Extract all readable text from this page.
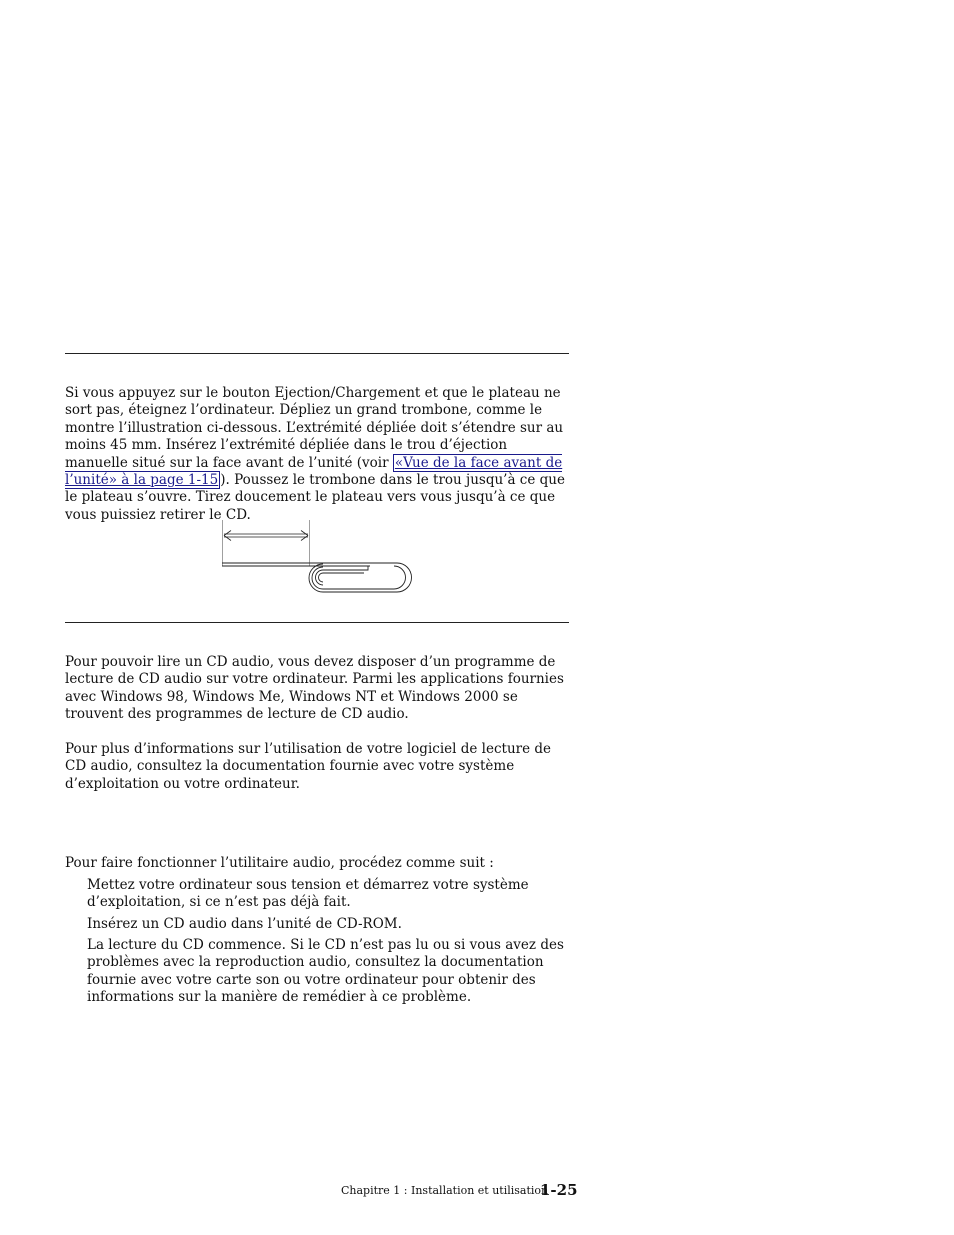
Si vous appuyez sur le bouton Ejection/Chargement et que le plateau ne sort pas, éteignez l’ordinateur. Dépliez un grand trombone, comme le montre l’illustration ci-dessous. L’extrémité dépliée doit s’étendre sur au moins 45 mm. Insérez l’extrémité dépliée dans le trou d’éjection manuelle situé sur la face avant de l’unité (voir «Vue de la face avant de l’unité» à la page 1-15 ). Poussez le trombone dans le trou jusqu’à ce que le plateau s’ouvre. Tirez doucement le plateau vers vous jusqu’à ce que vous puissiez retirer le CD.

Pour pouvoir lire un CD audio, vous devez disposer d’un programme de lecture de CD audio sur votre ordinateur. Parmi les applications fournies avec Windows 98, Windows Me, Windows NT et Windows 2000 se trouvent des programmes de lecture de CD audio.

Pour plus d’informations sur l’utilisation de votre logiciel de lecture de CD audio, consultez la documentation fournie avec votre système d’exploitation ou votre ordinateur.

Pour faire fonctionner l’utilitaire audio, procédez comme suit :

Mettez votre ordinateur sous tension et démarrez votre système d’exploitation, si ce n’est pas déjà fait.

Insérez un CD audio dans l’unité de CD-ROM.

La lecture du CD commence. Si le CD n’est pas lu ou si vous avez des problèmes avec la reproduction audio, consultez la documentation fournie avec votre carte son ou votre ordinateur pour obtenir des informations sur la manière de remédier à ce problème.

Chapitre 1 : Installation et utilisation
1-25
